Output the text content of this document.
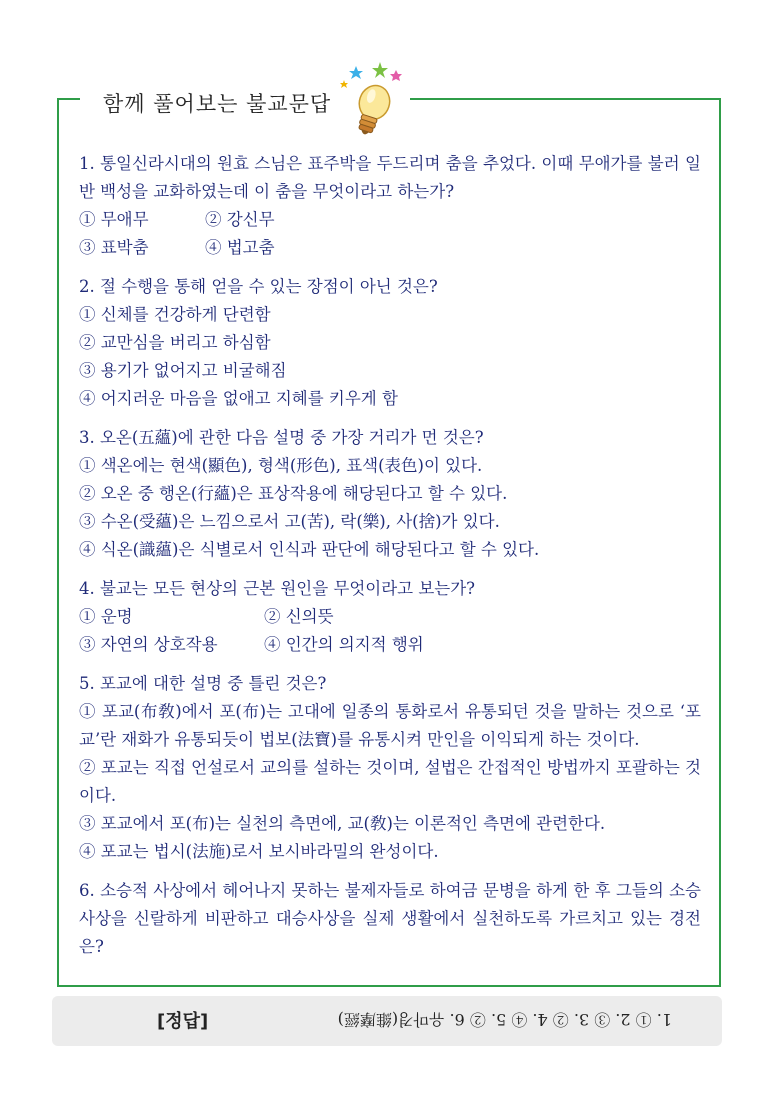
함께 풀어보는 불교문답
1. 통일신라시대의 원효 스님은 표주박을 두드리며 춤을 추었다. 이때 무애가를 불러 일반 백성을 교화하였는데 이 춤을 무엇이라고 하는가?
① 무애무	② 강신무
③ 표박춤	④ 법고춤
2. 절 수행을 통해 얻을 수 있는 장점이 아닌 것은?
① 신체를 건강하게 단련함
② 교만심을 버리고 하심함
③ 용기가 없어지고 비굴해짐
④ 어지러운 마음을 없애고 지혜를 키우게 함
3. 오온(五蘊)에 관한 다음 설명 중 가장 거리가 먼 것은?
① 색온에는 현색(顯色), 형색(形色), 표색(表色)이 있다.
② 오온 중 행온(行蘊)은 표상작용에 해당된다고 할 수 있다.
③ 수온(受蘊)은 느낌으로서 고(苦), 락(樂), 사(捨)가 있다.
④ 식온(識蘊)은 식별로서 인식과 판단에 해당된다고 할 수 있다.
4. 불교는 모든 현상의 근본 원인을 무엇이라고 보는가?
① 운명	② 신의뜻
③ 자연의 상호작용	④ 인간의 의지적 행위
5. 포교에 대한 설명 중 틀린 것은?
① 포교(布敎)에서 포(布)는 고대에 일종의 통화로서 유통되던 것을 말하는 것으로 ‘포교’란 재화가 유통되듯이 법보(法寶)를 유통시켜 만인을 이익되게 하는 것이다.
② 포교는 직접 언설로서 교의를 설하는 것이며, 설법은 간접적인 방법까지 포괄하는 것이다.
③ 포교에서 포(布)는 실천의 측면에, 교(敎)는 이론적인 측면에 관련한다.
④ 포교는 법시(法施)로서 보시바라밀의 완성이다.
6. 소승적 사상에서 헤어나지 못하는 불제자들로 하여금 문병을 하게 한 후 그들의 소승사상을 신랄하게 비판하고 대승사상을 실제 생활에서 실천하도록 가르치고 있는 경전은?
[정답]	1. ① 2. ③ 3. ② 4. ④ 5. ② 6. 유마경(維摩經)
